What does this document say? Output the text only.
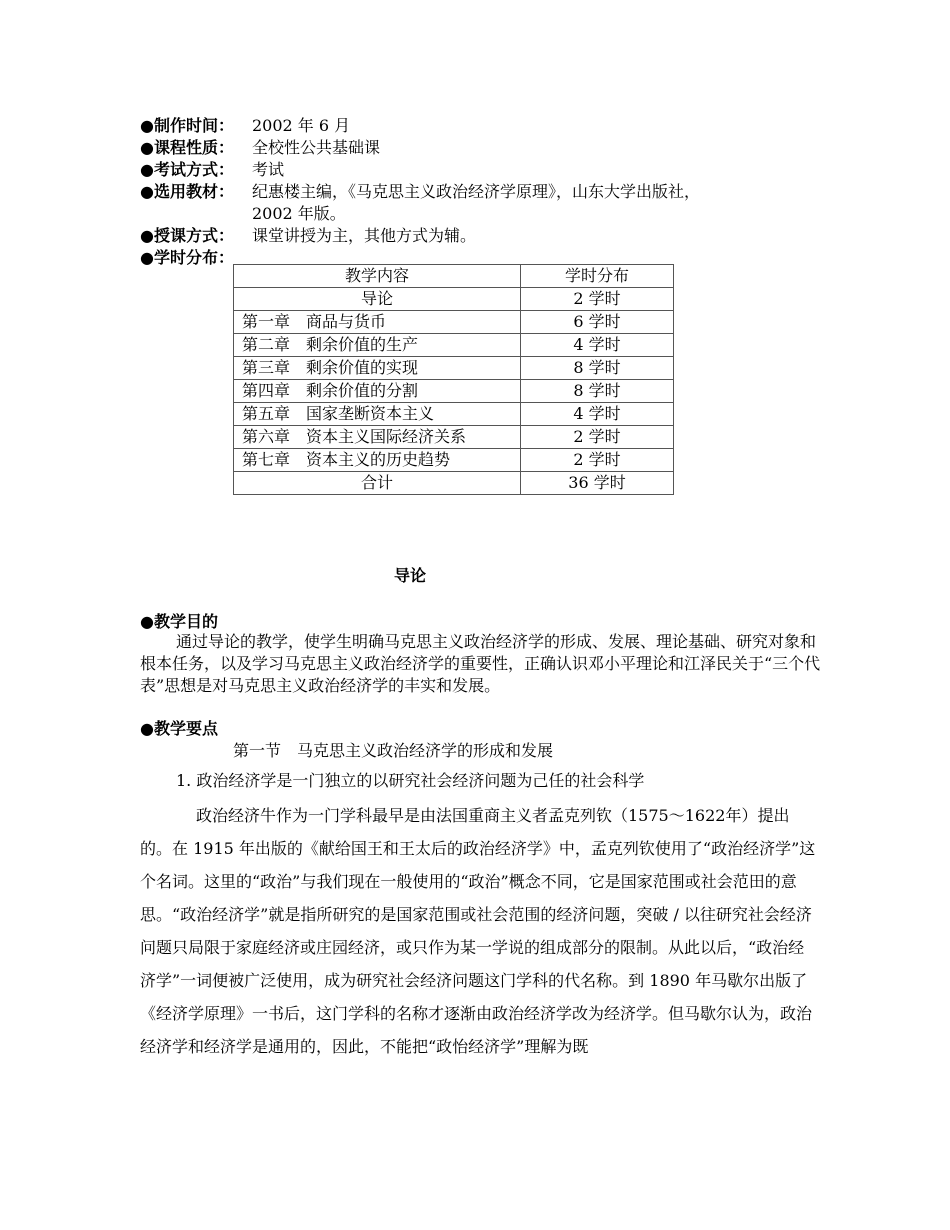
●制作时间：	2002 年 6 月
●课程性质：	全校性公共基础课
●考试方式：	考试
●选用教材：	纪惠楼主编，《马克思主义政治经济学原理》，山东大学出版社，
2002 年版。
●授课方式：	课堂讲授为主，其他方式为辅。
●学时分布：
教学内容	学时分布
导论	2 学时
第一章　 商品与货币	6 学时
第二章　 剩余价值的生产	4 学时
第三章　 剩余价值的实现	8 学时
第四章　 剩余价值的分割	8 学时
第五章　 国家垄断资本主义	4 学时
第六章　 资本主义国际经济关系	2 学时
第七章　 资本主义的历史趋势	2 学时
合计	36 学时
导论
●教学目的
通过导论的教学，使学生明确马克思主义政治经济学的形成、发展、理论基础、研究对象和根本任务，以及学习马克思主义政治经济学的重要性，正确认识邓小平理论和江泽民关于“三个代表”思想是对马克思主义政治经济学的丰实和发展。
●教学要点
第一节　马克思主义政治经济学的形成和发展
1. 政治经济学是一门独立的以研究社会经济问题为己任的社会科学

政治经济牛作为一门学科最早是由法国重商主义者孟克列钦（1575～1622年）提出的。在 1915 年出版的《献给国王和王太后的政治经济学》中，孟克列钦使用了“政治经济学”这个名词。这里的“政治”与我们现在一般使用的“政治”概念不同，它是国家范围或社会范田的意思。“政治经济学”就是指所研究的是国家范围或社会范围的经济问题，突破 / 以往研究社会经济问题只局限于家庭经济或庄园经济，或只作为某一学说的组成部分的限制。从此以后，“政治经济学”一词便被广泛使用，成为研究社会经济问题这门学科的代名称。到 1890 年马歇尔出版了《经济学原理》一书后，这门学科的名称才逐渐由政治经济学改为经济学。但马歇尔认为，政治经济学和经济学是通用的，因此，不能把“政怡经济学”理解为既
